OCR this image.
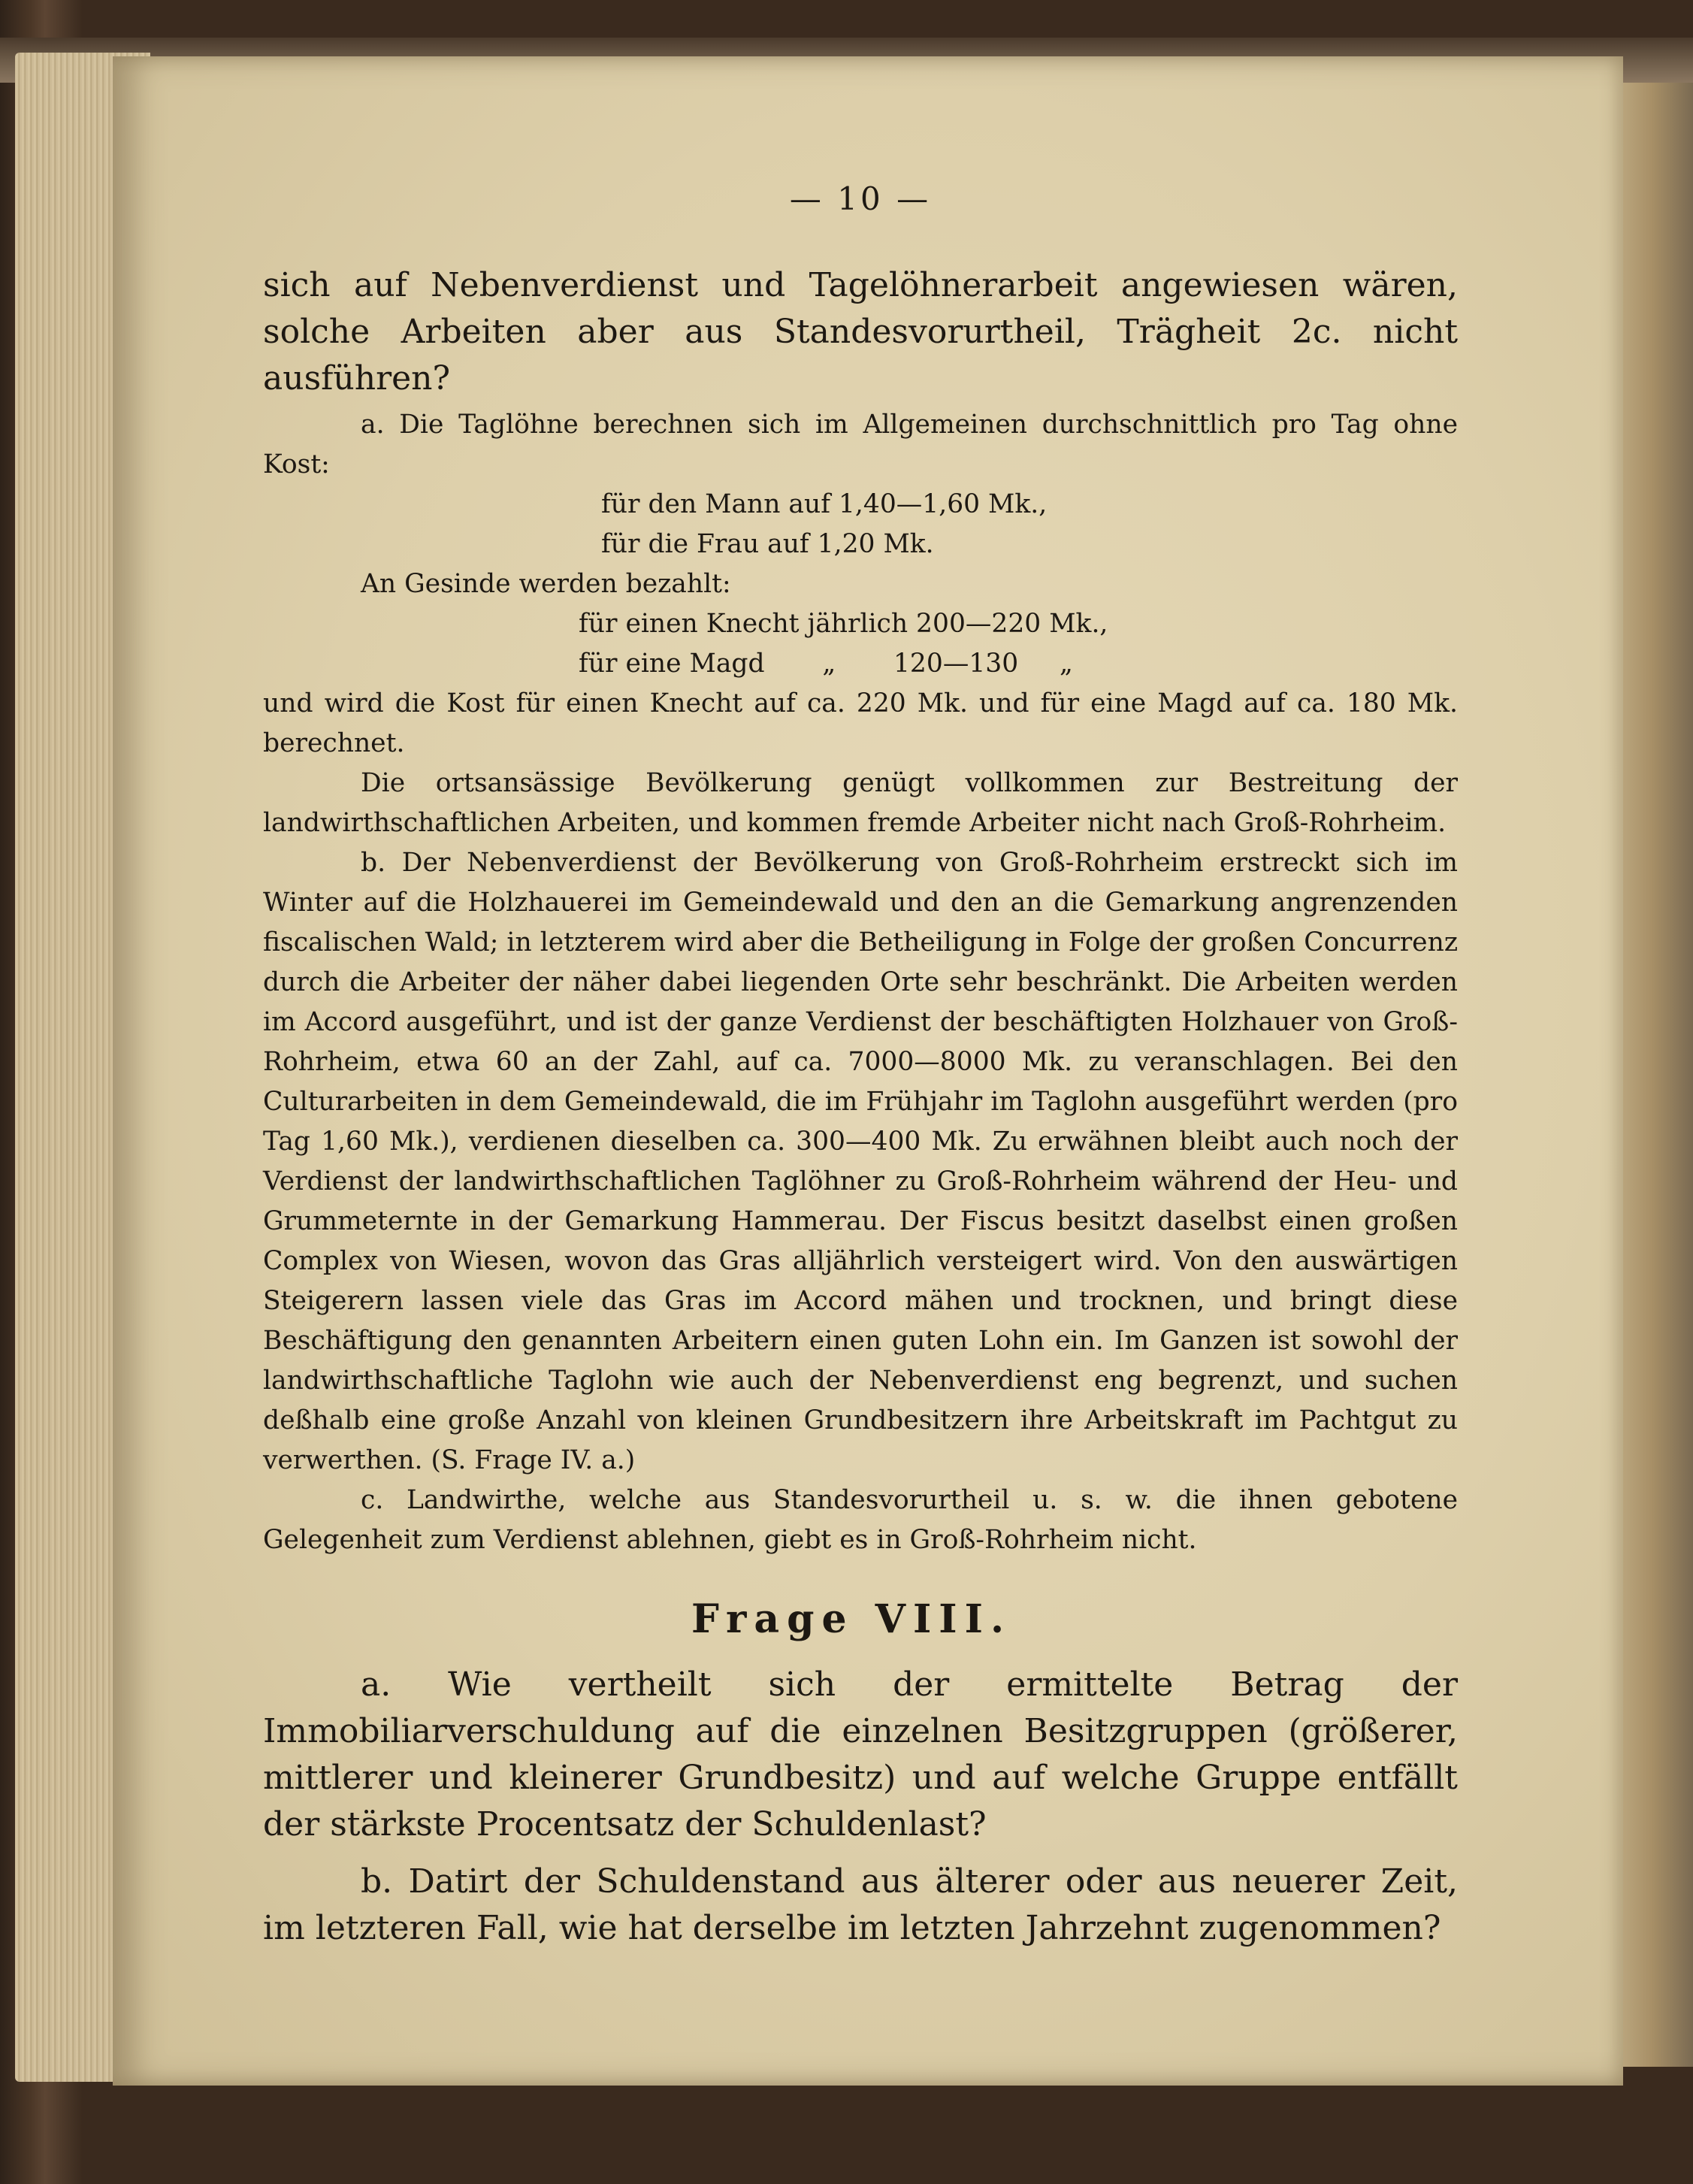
— 10 —

sich auf Nebenverdienst und Tagelöhnerarbeit angewiesen wären, solche Arbeiten aber aus Standesvorurtheil, Trägheit 2c. nicht ausführen?

a. Die Taglöhne berechnen sich im Allgemeinen durchschnittlich pro Tag ohne Kost:

für den Mann auf 1,40—1,60 Mk.,

für die Frau auf 1,20 Mk.

An Gesinde werden bezahlt:

für einen Knecht jährlich 200—220 Mk.,

für eine Magd       „       120—130     „

und wird die Kost für einen Knecht auf ca. 220 Mk. und für eine Magd auf ca. 180 Mk. berechnet.

Die ortsansässige Bevölkerung genügt vollkommen zur Bestreitung der landwirthschaftlichen Arbeiten, und kommen fremde Arbeiter nicht nach Groß-Rohrheim.

b. Der Nebenverdienst der Bevölkerung von Groß-Rohrheim erstreckt sich im Winter auf die Holzhauerei im Gemeindewald und den an die Gemarkung angrenzenden fiscalischen Wald; in letzterem wird aber die Betheiligung in Folge der großen Concurrenz durch die Arbeiter der näher dabei liegenden Orte sehr beschränkt. Die Arbeiten werden im Accord ausgeführt, und ist der ganze Verdienst der beschäftigten Holzhauer von Groß-Rohrheim, etwa 60 an der Zahl, auf ca. 7000—8000 Mk. zu veranschlagen. Bei den Culturarbeiten in dem Gemeindewald, die im Frühjahr im Taglohn ausgeführt werden (pro Tag 1,60 Mk.), verdienen dieselben ca. 300—400 Mk. Zu erwähnen bleibt auch noch der Verdienst der landwirthschaftlichen Taglöhner zu Groß-Rohrheim während der Heu- und Grummeternte in der Gemarkung Hammerau. Der Fiscus besitzt daselbst einen großen Complex von Wiesen, wovon das Gras alljährlich versteigert wird. Von den auswärtigen Steigerern lassen viele das Gras im Accord mähen und trocknen, und bringt diese Beschäftigung den genannten Arbeitern einen guten Lohn ein. Im Ganzen ist sowohl der landwirthschaftliche Taglohn wie auch der Nebenverdienst eng begrenzt, und suchen deßhalb eine große Anzahl von kleinen Grundbesitzern ihre Arbeitskraft im Pachtgut zu verwerthen. (S. Frage IV. a.)

c. Landwirthe, welche aus Standesvorurtheil u. s. w. die ihnen gebotene Gelegenheit zum Verdienst ablehnen, giebt es in Groß-Rohrheim nicht.

Frage VIII.

a. Wie vertheilt sich der ermittelte Betrag der Immobiliarverschuldung auf die einzelnen Besitzgruppen (größerer, mittlerer und kleinerer Grundbesitz) und auf welche Gruppe entfällt der stärkste Procentsatz der Schuldenlast?

b. Datirt der Schuldenstand aus älterer oder aus neuerer Zeit, im letzteren Fall, wie hat derselbe im letzten Jahrzehnt zugenommen?
